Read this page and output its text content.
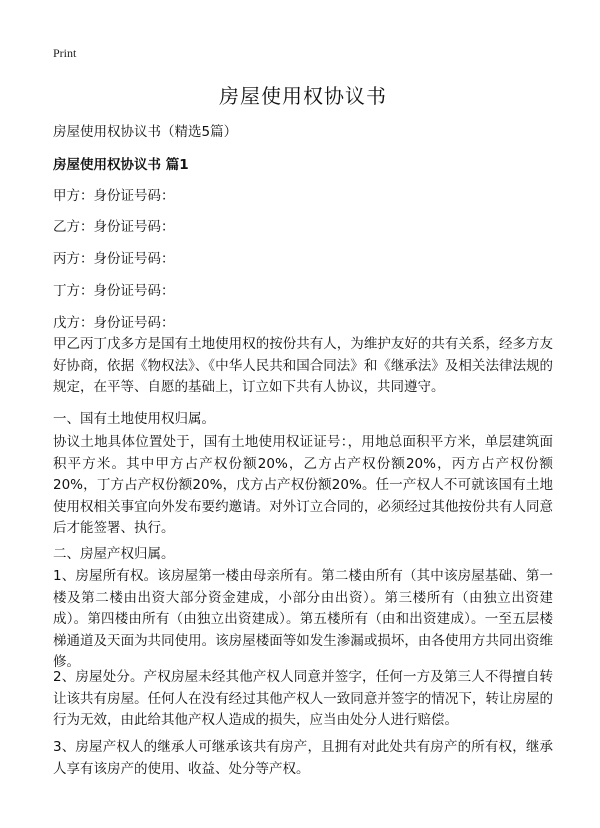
Print
房屋使用权协议书
房屋使用权协议书（精选5篇）
房屋使用权协议书 篇1
甲方：身份证号码：
乙方：身份证号码：
丙方：身份证号码：
丁方：身份证号码：
戊方：身份证号码：
甲乙丙丁戊多方是国有土地使用权的按份共有人，为维护友好的共有关系，经多方友好协商，依据《物权法》、《中华人民共和国合同法》和《继承法》及相关法律法规的规定，在平等、自愿的基础上，订立如下共有人协议，共同遵守。
一、国有土地使用权归属。
协议土地具体位置处于，国有土地使用权证证号：，用地总面积平方米，单层建筑面积平方米。其中甲方占产权份额20%，乙方占产权份额20%，丙方占产权份额20%，丁方占产权份额20%，戊方占产权份额20%。任一产权人不可就该国有土地使用权相关事宜向外发布要约邀请。对外订立合同的，必须经过其他按份共有人同意后才能签署、执行。
二、房屋产权归属。
1、房屋所有权。该房屋第一楼由母亲所有。第二楼由所有（其中该房屋基础、第一楼及第二楼由出资大部分资金建成，小部分由出资）。第三楼所有（由独立出资建成）。第四楼由所有（由独立出资建成）。第五楼所有（由和出资建成）。一至五层楼梯通道及天面为共同使用。该房屋楼面等如发生渗漏或损坏，由各使用方共同出资维修。
2、房屋处分。产权房屋未经其他产权人同意并签字，任何一方及第三人不得擅自转让该共有房屋。任何人在没有经过其他产权人一致同意并签字的情况下，转让房屋的行为无效，由此给其他产权人造成的损失，应当由处分人进行赔偿。
3、房屋产权人的继承人可继承该共有房产，且拥有对此处共有房产的所有权，继承人享有该房产的使用、收益、处分等产权。
